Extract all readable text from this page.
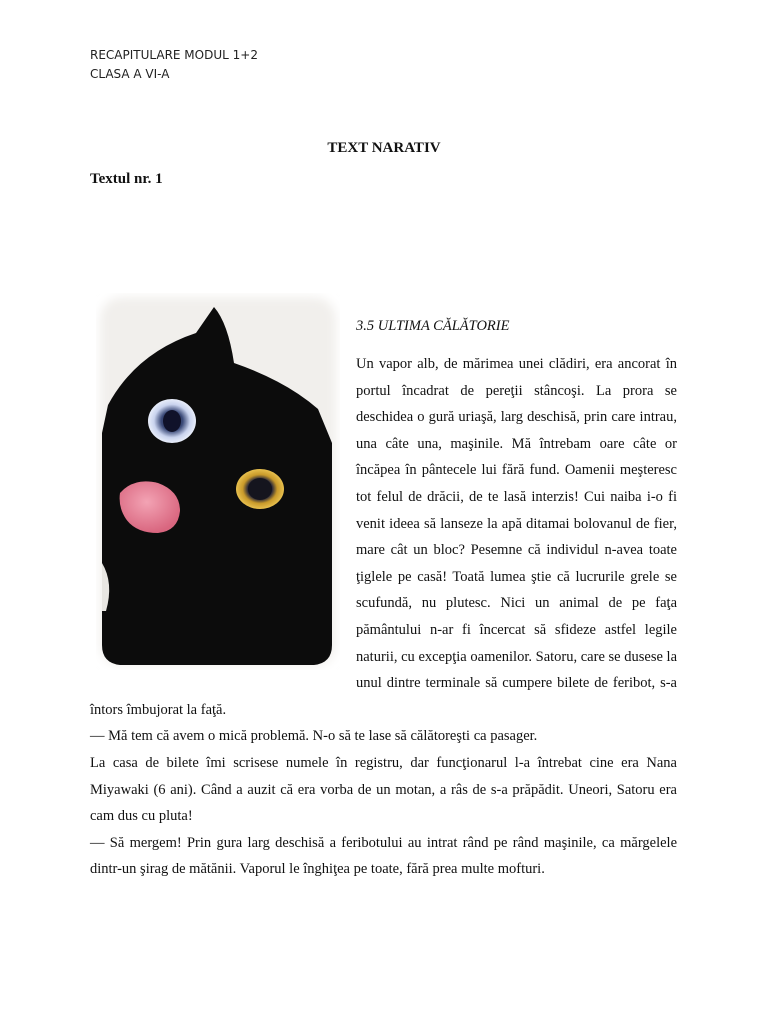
RECAPITULARE MODUL 1+2
CLASA A VI-A
TEXT NARATIV
Textul nr. 1
3.5 ULTIMA CĂLĂTORIE

Un vapor alb, de mărimea unei clădiri, era ancorat în portul încadrat de pereţii stâncoşi. La prora se deschidea o gură uriaşă, larg deschisă, prin care intrau, una câte una, maşinile. Mă întrebam oare câte or încăpea în pântecele lui fără fund. Oamenii meşteresc tot felul de drăcii, de te lasă interzis! Cui naiba i-o fi venit ideea să lanseze la apă ditamai bolovanul de fier, mare cât un bloc? Pesemne că individul n-avea toate ţiglele pe casă! Toată lumea ştie că lucrurile grele se scufundă, nu plutesc. Nici un animal de pe faţa pământului n-ar fi încercat să sfideze astfel legile naturii, cu excepţia oamenilor. Satoru, care se dusese la unul dintre terminale să cumpere bilete de feribot, s-a întors îmbujorat la faţă.

— Mă tem că avem o mică problemă. N-o să te lase să călătoreşti ca pasager.

La casa de bilete îmi scrisese numele în registru, dar funcţionarul l-a întrebat cine era Nana Miyawaki (6 ani). Când a auzit că era vorba de un motan, a râs de s-a prăpădit. Uneori, Satoru era cam dus cu pluta!

— Să mergem! Prin gura larg deschisă a feribotului au intrat rând pe rând maşinile, ca mărgelele dintr-un şirag de mătănii. Vaporul le înghiţea pe toate, fără prea multe mofturi.
